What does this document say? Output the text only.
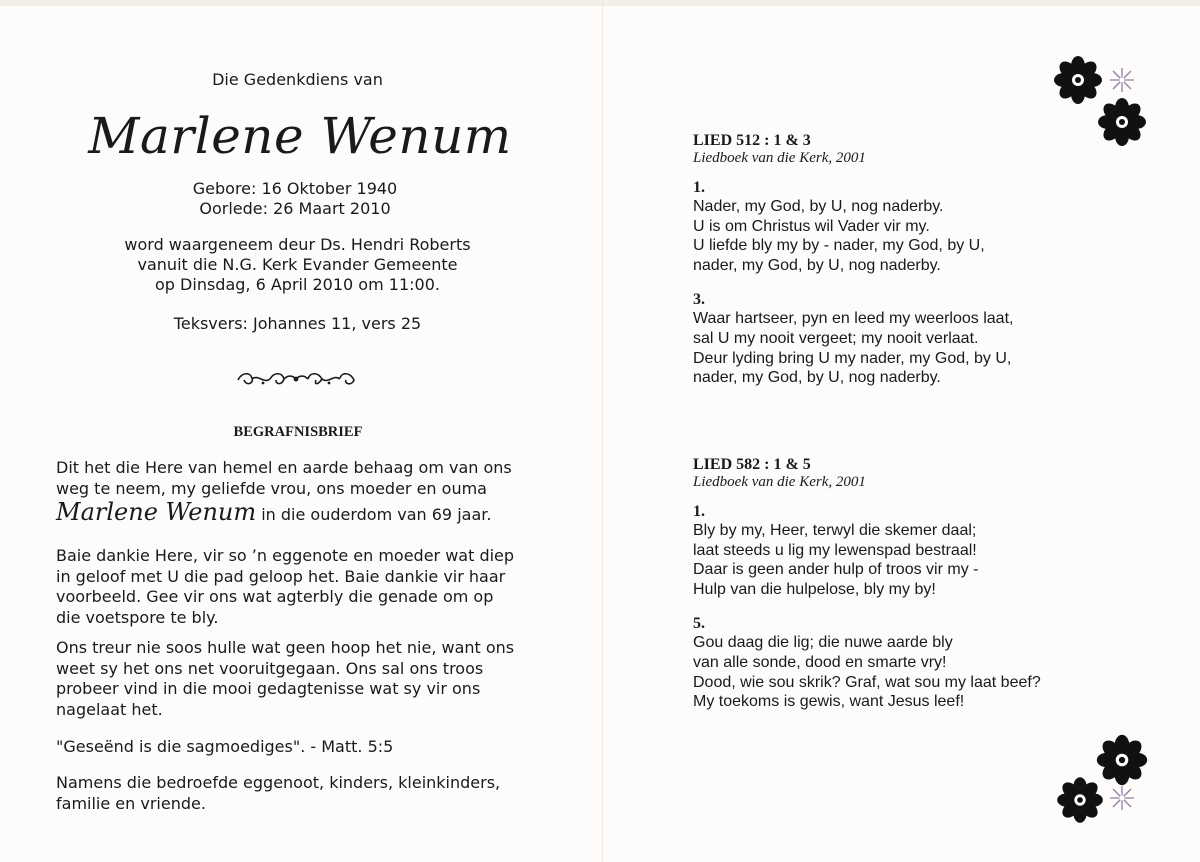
Die Gedenkdiens van
Marlene Wenum
Gebore: 16 Oktober 1940
Oorlede: 26 Maart 2010
word waargeneem deur Ds. Hendri Roberts
vanuit die N.G. Kerk Evander Gemeente
op Dinsdag, 6 April 2010 om 11:00.
Teksvers: Johannes 11, vers 25
BEGRAFNISBRIEF
Dit het die Here van hemel en aarde behaag om van ons
weg te neem, my geliefde vrou, ons moeder en ouma
Marlene Wenum in die ouderdom van 69 jaar.
Baie dankie Here, vir so ’n eggenote en moeder wat diep
in geloof met U die pad geloop het. Baie dankie vir haar
voorbeeld. Gee vir ons wat agterbly die genade om op
die voetspore te bly.
Ons treur nie soos hulle wat geen hoop het nie, want ons
weet sy het ons net vooruitgegaan. Ons sal ons troos
probeer vind in die mooi gedagtenisse wat sy vir ons
nagelaat het.
"Geseënd is die sagmoediges". - Matt. 5:5
Namens die bedroefde eggenoot, kinders, kleinkinders,
familie en vriende.
LIED 512 : 1 & 3
Liedboek van die Kerk, 2001
1.
Nader, my God, by U, nog naderby.
U is om Christus wil Vader vir my.
U liefde bly my by - nader, my God, by U,
nader, my God, by U, nog naderby.
3.
Waar hartseer, pyn en leed my weerloos laat,
sal U my nooit vergeet; my nooit verlaat.
Deur lyding bring U my nader, my God, by U,
nader, my God, by U, nog naderby.
LIED 582 : 1 & 5
Liedboek van die Kerk, 2001
1.
Bly by my, Heer, terwyl die skemer daal;
laat steeds u lig my lewenspad bestraal!
Daar is geen ander hulp of troos vir my -
Hulp van die hulpelose, bly my by!
5.
Gou daag die lig; die nuwe aarde bly
van alle sonde, dood en smarte vry!
Dood, wie sou skrik? Graf, wat sou my laat beef?
My toekoms is gewis, want Jesus leef!
